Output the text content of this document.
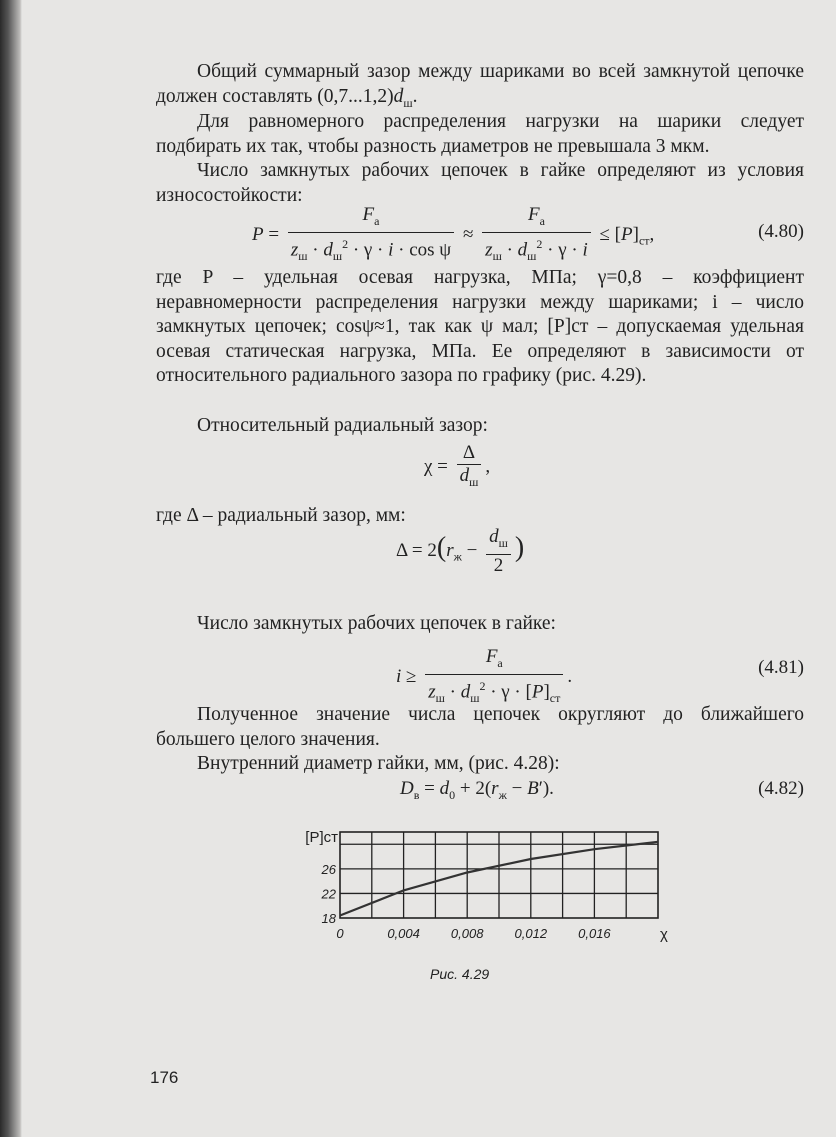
Общий суммарный зазор между шариками во всей замкнутой цепочке должен составлять $(0,7...1,2)d_ш$.

Для равномерного распределения нагрузки на шарики следует подбирать их так, чтобы разность диаметров не превышала 3 мкм.

Число замкнутых рабочих цепочек в гайке определяют из условия износостойкости:

$P = \frac{F_а}{z_ш \cdot d_ш^2 \cdot \gamma \cdot i \cdot \cos \psi} \approx \frac{F_а}{z_ш \cdot d_ш^2 \cdot \gamma \cdot i} \le [P]_{ст}$,	(4.80)

где P – удельная осевая нагрузка, МПа; γ=0,8 – коэффициент неравномерности распределения нагрузки между шариками; i – число замкнутых цепочек; cosψ≈1, так как ψ мал; [P]ст – допускаемая удельная осевая статическая нагрузка, МПа. Ее определяют в зависимости от относительного радиального зазора по графику (рис. 4.29).

Относительный радиальный зазор:

$\chi = \frac{\Delta}{d_ш}$ ,

где Δ – радиальный зазор, мм:

$\Delta = 2(r_ж - \frac{d_ш}{2}$ )

Число замкнутых рабочих цепочек в гайке:

$i \ge \frac{F_а}{z_ш \cdot d_ш^2 \cdot \gamma \cdot [P]_{ст}}$ .	(4.81)

Полученное значение числа цепочек округляют до ближайшего большего целого значения.

Внутренний диаметр гайки, мм, (рис. 4.28):

$D_в = d_0 + 2(r_ж - B')$.	(4.82)
0	0,004 0,008 0,012 0,016	χ
18
22
26
[P]ст
Рис. 4.29
176
